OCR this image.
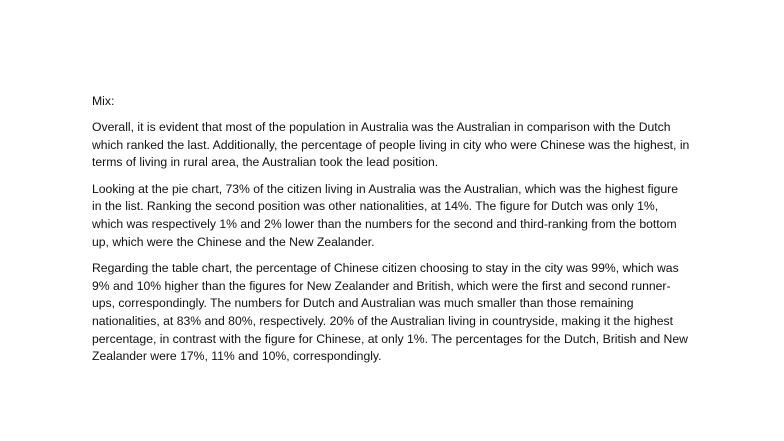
Mix:

Overall, it is evident that most of the population in Australia was the Australian in comparison with the Dutch which ranked the last. Additionally, the percentage of people living in city who were Chinese was the highest, in terms of living in rural area, the Australian took the lead position.

Looking at the pie chart, 73% of the citizen living in Australia was the Australian, which was the highest figure in the list. Ranking the second position was other nationalities, at 14%. The figure for Dutch was only 1%, which was respectively 1% and 2% lower than the numbers for the second and third-ranking from the bottom up, which were the Chinese and the New Zealander.

Regarding the table chart, the percentage of Chinese citizen choosing to stay in the city was 99%, which was 9% and 10% higher than the figures for New Zealander and British, which were the first and second runner-ups, correspondingly. The numbers for Dutch and Australian was much smaller than those remaining nationalities, at 83% and 80%, respectively. 20% of the Australian living in countryside, making it the highest percentage, in contrast with the figure for Chinese, at only 1%. The percentages for the Dutch, British and New Zealander were 17%, 11% and 10%, correspondingly.
